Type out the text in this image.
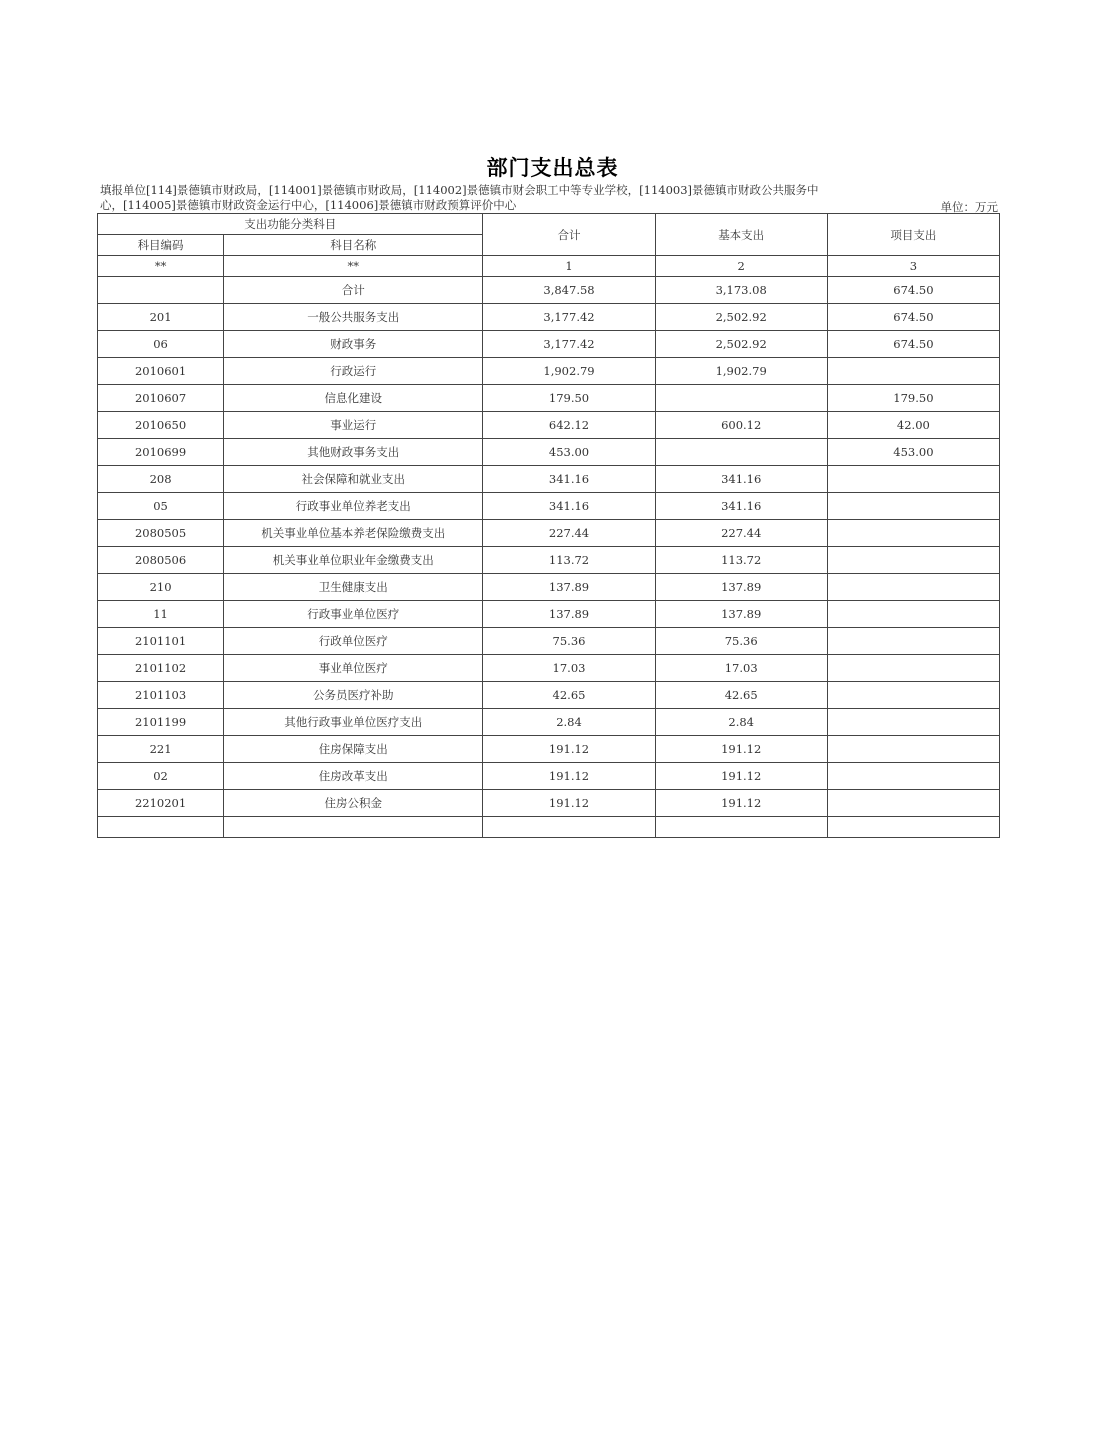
部门支出总表
填报单位[114]景德镇市财政局，[114001]景德镇市财政局，[114002]景德镇市财会职工中等专业学校，[114003]景德镇市财政公共服务中心，[114005]景德镇市财政资金运行中心，[114006]景德镇市财政预算评价中心	单位：万元
支出功能分类科目		合计	基本支出	项目支出
科目编码	科目名称			
**	**	1	2	3
	合计	3,847.58	3,173.08	674.50
201	一般公共服务支出	3,177.42	2,502.92	674.50
06	财政事务	3,177.42	2,502.92	674.50
2010601	行政运行	1,902.79	1,902.79	
2010607	信息化建设	179.50		179.50
2010650	事业运行	642.12	600.12	42.00
2010699	其他财政事务支出	453.00		453.00
208	社会保障和就业支出	341.16	341.16	
05	行政事业单位养老支出	341.16	341.16	
2080505	机关事业单位基本养老保险缴费支出	227.44	227.44	
2080506	机关事业单位职业年金缴费支出	113.72	113.72	
210	卫生健康支出	137.89	137.89	
11	行政事业单位医疗	137.89	137.89	
2101101	行政单位医疗	75.36	75.36	
2101102	事业单位医疗	17.03	17.03	
2101103	公务员医疗补助	42.65	42.65	
2101199	其他行政事业单位医疗支出	2.84	2.84	
221	住房保障支出	191.12	191.12	
02	住房改革支出	191.12	191.12	
2210201	住房公积金	191.12	191.12	
